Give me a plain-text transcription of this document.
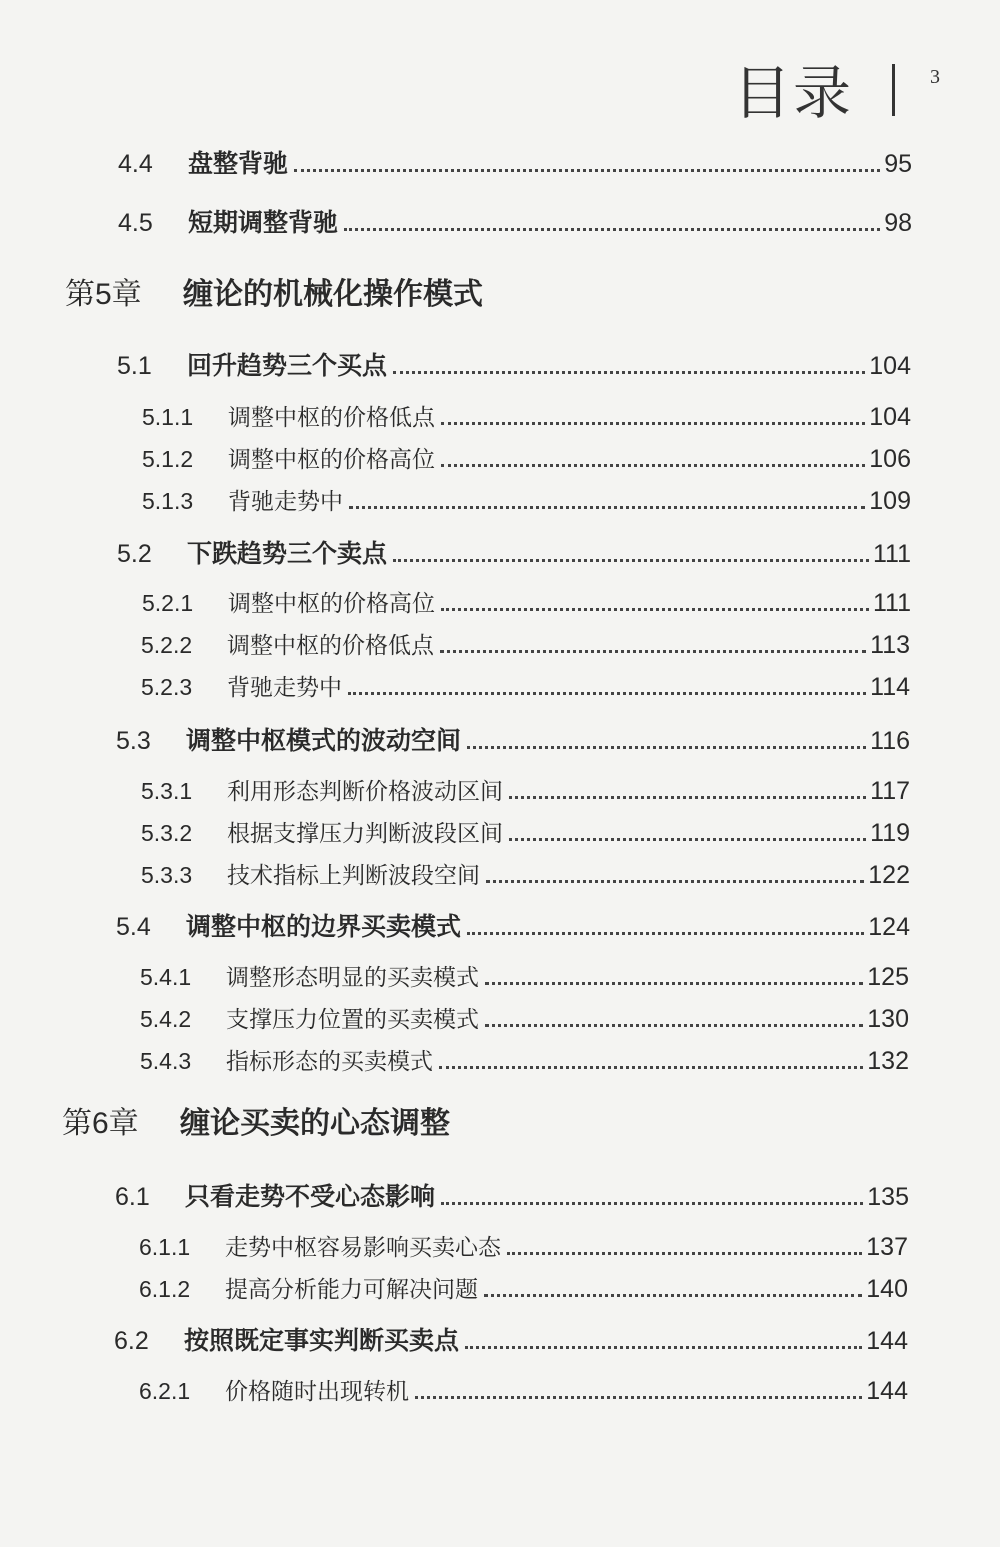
目录	3
4.4	盘整背驰	95
4.5	短期调整背驰	98
第5章	缠论的机械化操作模式
5.1	回升趋势三个买点	104
5.1.1	调整中枢的价格低点	104
5.1.2	调整中枢的价格高位	106
5.1.3	背驰走势中	109
5.2	下跌趋势三个卖点	111
5.2.1	调整中枢的价格高位	111
5.2.2	调整中枢的价格低点	113
5.2.3	背驰走势中	114
5.3	调整中枢模式的波动空间	116
5.3.1	利用形态判断价格波动区间	117
5.3.2	根据支撑压力判断波段区间	119
5.3.3	技术指标上判断波段空间	122
5.4	调整中枢的边界买卖模式	124
5.4.1	调整形态明显的买卖模式	125
5.4.2	支撑压力位置的买卖模式	130
5.4.3	指标形态的买卖模式	132
第6章	缠论买卖的心态调整
6.1	只看走势不受心态影响	135
6.1.1	走势中枢容易影响买卖心态	137
6.1.2	提高分析能力可解决问题	140
6.2	按照既定事实判断买卖点	144
6.2.1	价格随时出现转机	144
